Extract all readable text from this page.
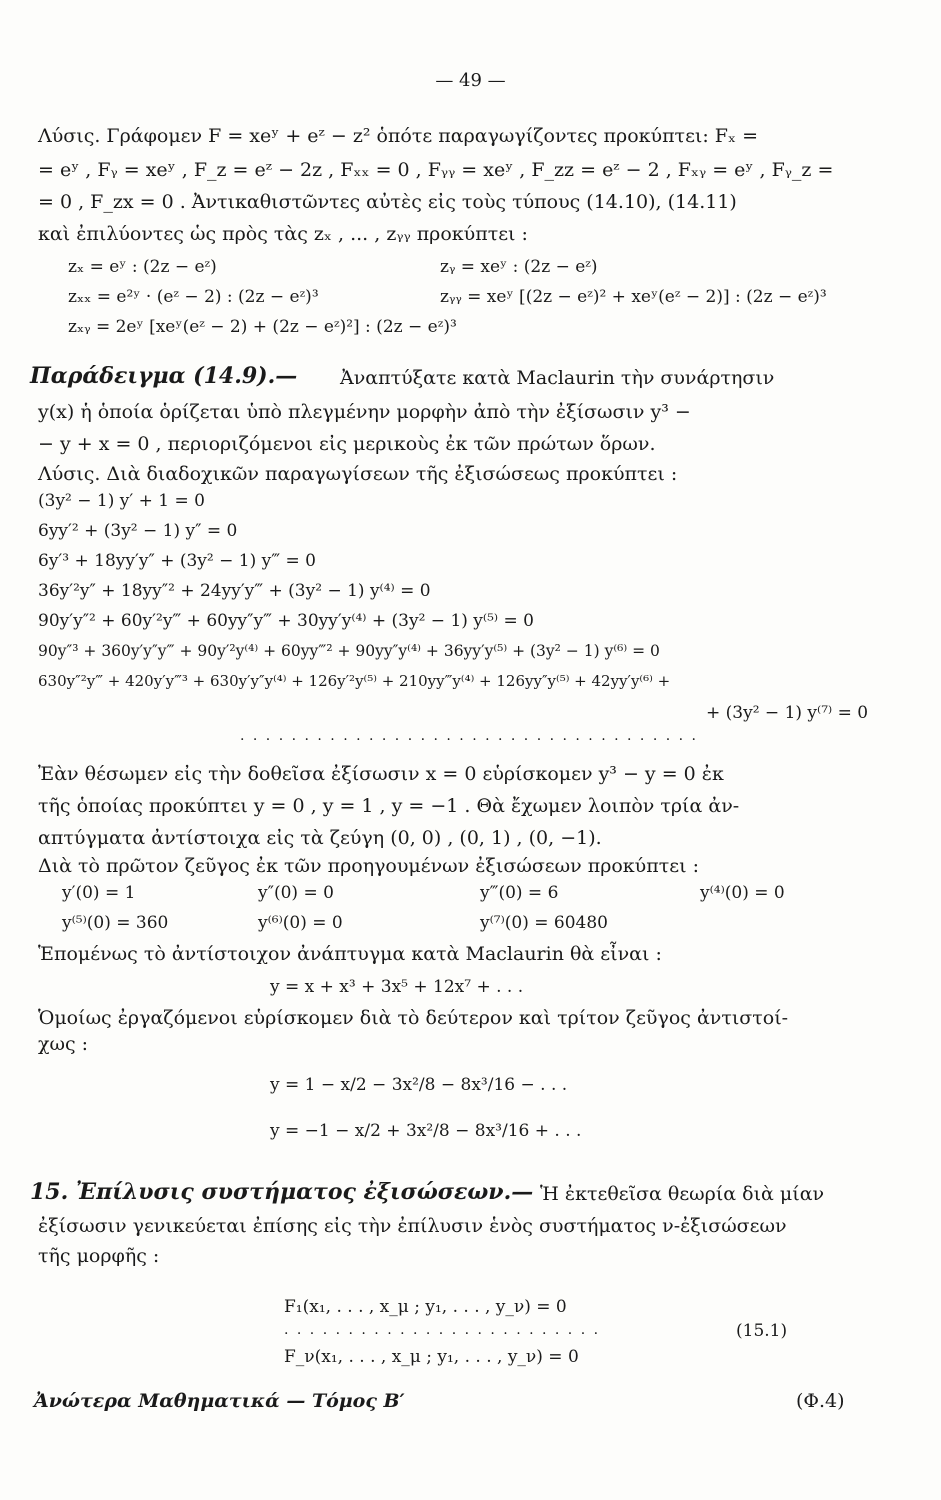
— 49 —
Λύσις. Γράφομεν F = xeʸ + eᶻ − z² ὁπότε παραγωγίζοντες προκύπτει: Fₓ =
= eʸ , Fᵧ = xeʸ , F_z = eᶻ − 2z , Fₓₓ = 0 , Fᵧᵧ = xeʸ , F_zz = eᶻ − 2 , Fₓᵧ = eʸ , Fᵧ_z =
= 0 , F_zx = 0 . Ἀντικαθιστῶντες αὐτὲς εἰς τοὺς τύπους (14.10), (14.11)
καὶ ἐπιλύοντες ὡς πρὸς τὰς zₓ , ... , zᵧᵧ προκύπτει :
zₓ = eʸ : (2z − eᶻ)	zᵧ = xeʸ : (2z − eᶻ)
zₓₓ = e²ʸ · (eᶻ − 2) : (2z − eᶻ)³	zᵧᵧ = xeʸ [(2z − eᶻ)² + xeʸ(eᶻ − 2)] : (2z − eᶻ)³
zₓᵧ = 2eʸ [xeʸ(eᶻ − 2) + (2z − eᶻ)²] : (2z − eᶻ)³
Παράδειγμα (14.9).— Ἀναπτύξατε κατὰ Maclaurin τὴν συνάρτησιν
y(x) ἡ ὁποία ὁρίζεται ὑπὸ πλεγμένην μορφὴν ἀπὸ τὴν ἐξίσωσιν y³ −
− y + x = 0 , περιοριζόμενοι εἰς μερικοὺς ἐκ τῶν πρώτων ὅρων.
Λύσις. Διὰ διαδοχικῶν παραγωγίσεων τῆς ἐξισώσεως προκύπτει :
(3y² − 1) y′ + 1 = 0
6yy′² + (3y² − 1) y″ = 0
6y′³ + 18yy′y″ + (3y² − 1) y‴ = 0
36y′²y″ + 18yy″² + 24yy′y‴ + (3y² − 1) y⁽⁴⁾ = 0
90y′y″² + 60y′²y‴ + 60yy″y‴ + 30yy′y⁽⁴⁾ + (3y² − 1) y⁽⁵⁾ = 0
90y″³ + 360y′y″y‴ + 90y′²y⁽⁴⁾ + 60yy‴² + 90yy″y⁽⁴⁾ + 36yy′y⁽⁵⁾ + (3y² − 1) y⁽⁶⁾ = 0
630y″²y‴ + 420y′y‴³ + 630y′y″y⁽⁴⁾ + 126y′²y⁽⁵⁾ + 210yy‴y⁽⁴⁾ + 126yy″y⁽⁵⁾ + 42yy′y⁽⁶⁾ +
+ (3y² − 1) y⁽⁷⁾ = 0
. . . . . . . . . . . . . . . . . . . . . . . . . . . . . . . . . . . .
Ἐὰν θέσωμεν εἰς τὴν δοθεῖσα ἐξίσωσιν x = 0 εὑρίσκομεν y³ − y = 0 ἐκ
τῆς ὁποίας προκύπτει y = 0 , y = 1 , y = −1 . Θὰ ἔχωμεν λοιπὸν τρία ἀν-
απτύγματα ἀντίστοιχα εἰς τὰ ζεύγη (0, 0) , (0, 1) , (0, −1).
Διὰ τὸ πρῶτον ζεῦγος ἐκ τῶν προηγουμένων ἐξισώσεων προκύπτει :
y′(0) = 1	y″(0) = 0	y‴(0) = 6	y⁽⁴⁾(0) = 0
y⁽⁵⁾(0) = 360	y⁽⁶⁾(0) = 0	y⁽⁷⁾(0) = 60480
Ἑπομένως τὸ ἀντίστοιχον ἀνάπτυγμα κατὰ Maclaurin θὰ εἶναι :
y = x + x³ + 3x⁵ + 12x⁷ + . . .
Ὁμοίως ἐργαζόμενοι εὑρίσκομεν διὰ τὸ δεύτερον καὶ τρίτον ζεῦγος ἀντιστοί-
χως :
y = 1 − x/2 − 3x²/8 − 8x³/16 − . . .
y = −1 − x/2 + 3x²/8 − 8x³/16 + . . .
15. Ἐπίλυσις συστήματος ἐξισώσεων.— Ἡ ἐκτεθεῖσα θεωρία διὰ μίαν
ἐξίσωσιν γενικεύεται ἐπίσης εἰς τὴν ἐπίλυσιν ἑνὸς συστήματος ν-ἐξισώσεων
τῆς μορφῆς :
F₁(x₁, . . . , x_μ ; y₁, . . . , y_ν) = 0
. . . . . . . . . . . . . . . . . . . . . . . . .	(15.1)
F_ν(x₁, . . . , x_μ ; y₁, . . . , y_ν) = 0
Ἀνώτερα Μαθηματικά — Τόμος Β′	(Φ.4)
